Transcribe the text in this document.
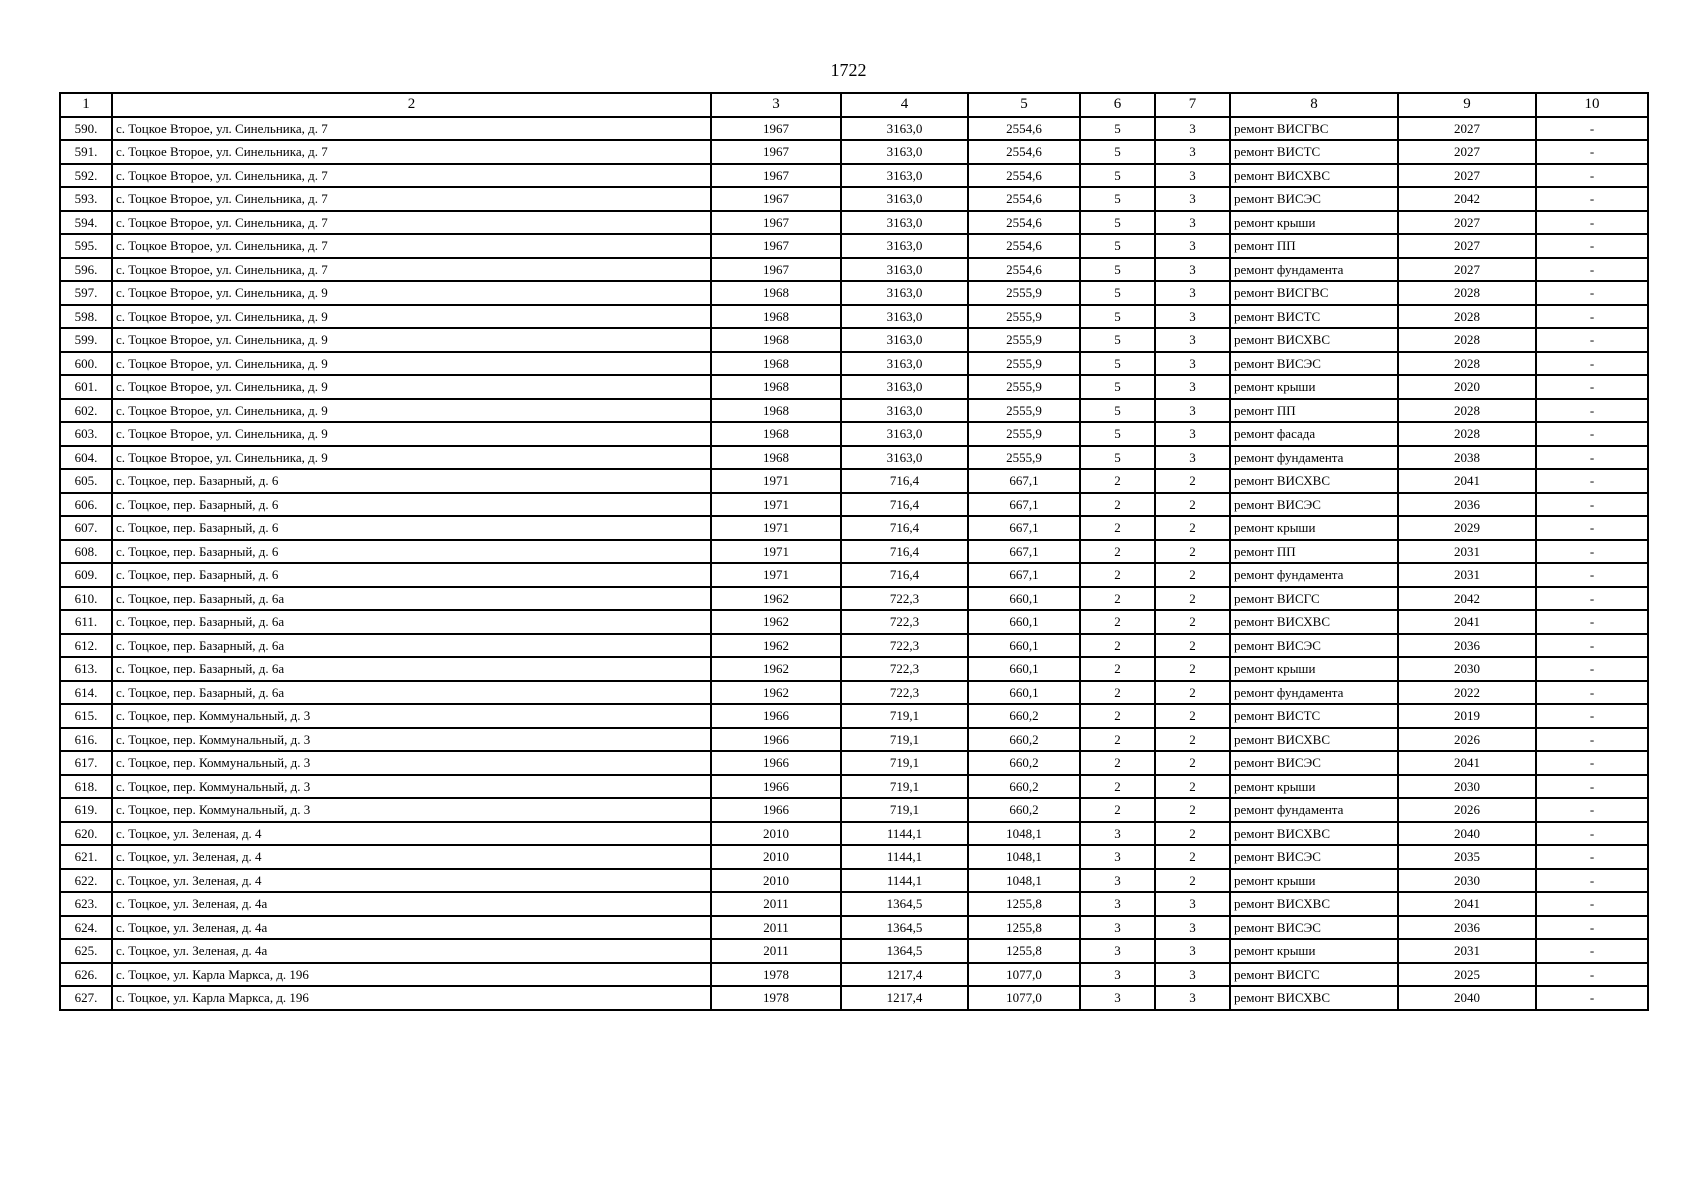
1722
1	2	3	4	5	6	7	8	9	10
590.	с. Тоцкое Второе, ул. Синельника, д. 7	1967	3163,0	2554,6	5	3	ремонт ВИСГВС	2027	-
591.	с. Тоцкое Второе, ул. Синельника, д. 7	1967	3163,0	2554,6	5	3	ремонт ВИСТС	2027	-
592.	с. Тоцкое Второе, ул. Синельника, д. 7	1967	3163,0	2554,6	5	3	ремонт ВИСХВС	2027	-
593.	с. Тоцкое Второе, ул. Синельника, д. 7	1967	3163,0	2554,6	5	3	ремонт ВИСЭС	2042	-
594.	с. Тоцкое Второе, ул. Синельника, д. 7	1967	3163,0	2554,6	5	3	ремонт крыши	2027	-
595.	с. Тоцкое Второе, ул. Синельника, д. 7	1967	3163,0	2554,6	5	3	ремонт ПП	2027	-
596.	с. Тоцкое Второе, ул. Синельника, д. 7	1967	3163,0	2554,6	5	3	ремонт фундамента	2027	-
597.	с. Тоцкое Второе, ул. Синельника, д. 9	1968	3163,0	2555,9	5	3	ремонт ВИСГВС	2028	-
598.	с. Тоцкое Второе, ул. Синельника, д. 9	1968	3163,0	2555,9	5	3	ремонт ВИСТС	2028	-
599.	с. Тоцкое Второе, ул. Синельника, д. 9	1968	3163,0	2555,9	5	3	ремонт ВИСХВС	2028	-
600.	с. Тоцкое Второе, ул. Синельника, д. 9	1968	3163,0	2555,9	5	3	ремонт ВИСЭС	2028	-
601.	с. Тоцкое Второе, ул. Синельника, д. 9	1968	3163,0	2555,9	5	3	ремонт крыши	2020	-
602.	с. Тоцкое Второе, ул. Синельника, д. 9	1968	3163,0	2555,9	5	3	ремонт ПП	2028	-
603.	с. Тоцкое Второе, ул. Синельника, д. 9	1968	3163,0	2555,9	5	3	ремонт фасада	2028	-
604.	с. Тоцкое Второе, ул. Синельника, д. 9	1968	3163,0	2555,9	5	3	ремонт фундамента	2038	-
605.	с. Тоцкое, пер. Базарный, д. 6	1971	716,4	667,1	2	2	ремонт ВИСХВС	2041	-
606.	с. Тоцкое, пер. Базарный, д. 6	1971	716,4	667,1	2	2	ремонт ВИСЭС	2036	-
607.	с. Тоцкое, пер. Базарный, д. 6	1971	716,4	667,1	2	2	ремонт крыши	2029	-
608.	с. Тоцкое, пер. Базарный, д. 6	1971	716,4	667,1	2	2	ремонт ПП	2031	-
609.	с. Тоцкое, пер. Базарный, д. 6	1971	716,4	667,1	2	2	ремонт фундамента	2031	-
610.	с. Тоцкое, пер. Базарный, д. 6а	1962	722,3	660,1	2	2	ремонт ВИСГС	2042	-
611.	с. Тоцкое, пер. Базарный, д. 6а	1962	722,3	660,1	2	2	ремонт ВИСХВС	2041	-
612.	с. Тоцкое, пер. Базарный, д. 6а	1962	722,3	660,1	2	2	ремонт ВИСЭС	2036	-
613.	с. Тоцкое, пер. Базарный, д. 6а	1962	722,3	660,1	2	2	ремонт крыши	2030	-
614.	с. Тоцкое, пер. Базарный, д. 6а	1962	722,3	660,1	2	2	ремонт фундамента	2022	-
615.	с. Тоцкое, пер. Коммунальный, д. 3	1966	719,1	660,2	2	2	ремонт ВИСТС	2019	-
616.	с. Тоцкое, пер. Коммунальный, д. 3	1966	719,1	660,2	2	2	ремонт ВИСХВС	2026	-
617.	с. Тоцкое, пер. Коммунальный, д. 3	1966	719,1	660,2	2	2	ремонт ВИСЭС	2041	-
618.	с. Тоцкое, пер. Коммунальный, д. 3	1966	719,1	660,2	2	2	ремонт крыши	2030	-
619.	с. Тоцкое, пер. Коммунальный, д. 3	1966	719,1	660,2	2	2	ремонт фундамента	2026	-
620.	с. Тоцкое, ул. Зеленая, д. 4	2010	1144,1	1048,1	3	2	ремонт ВИСХВС	2040	-
621.	с. Тоцкое, ул. Зеленая, д. 4	2010	1144,1	1048,1	3	2	ремонт ВИСЭС	2035	-
622.	с. Тоцкое, ул. Зеленая, д. 4	2010	1144,1	1048,1	3	2	ремонт крыши	2030	-
623.	с. Тоцкое, ул. Зеленая, д. 4а	2011	1364,5	1255,8	3	3	ремонт ВИСХВС	2041	-
624.	с. Тоцкое, ул. Зеленая, д. 4а	2011	1364,5	1255,8	3	3	ремонт ВИСЭС	2036	-
625.	с. Тоцкое, ул. Зеленая, д. 4а	2011	1364,5	1255,8	3	3	ремонт крыши	2031	-
626.	с. Тоцкое, ул. Карла Маркса, д. 196	1978	1217,4	1077,0	3	3	ремонт ВИСГС	2025	-
627.	с. Тоцкое, ул. Карла Маркса, д. 196	1978	1217,4	1077,0	3	3	ремонт ВИСХВС	2040	-
